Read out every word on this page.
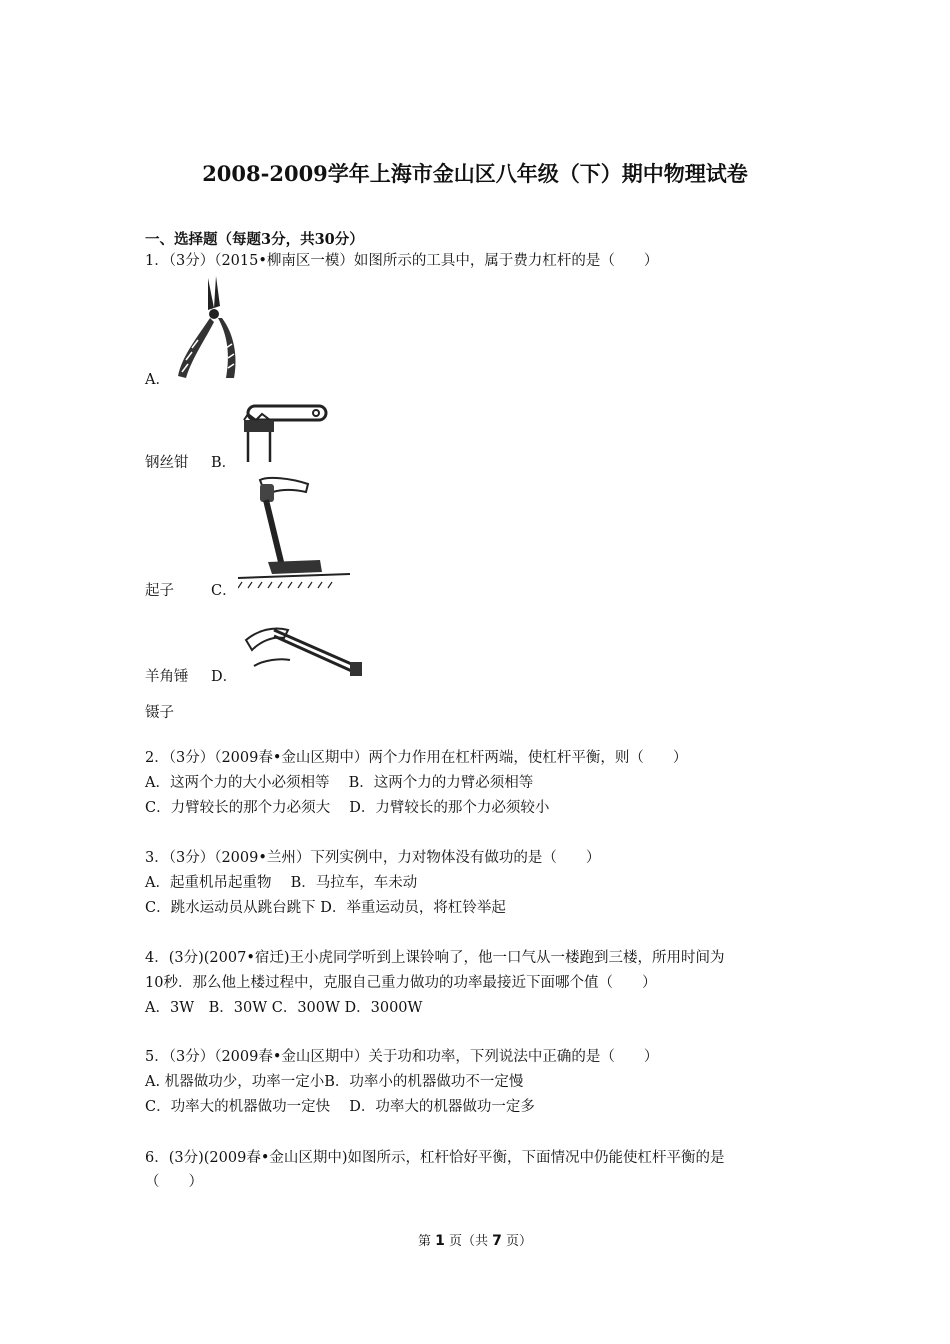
2008-2009学年上海市金山区八年级（下）期中物理试卷
一、选择题（每题3分，共30分）
1．（3分）（2015•柳南区一模）如图所示的工具中，属于费力杠杆的是（　　）
A．
钢丝钳 B．
起子	C．
羊角锤 D．
镊子
2．（3分）（2009春•金山区期中）两个力作用在杠杆两端，使杠杆平衡，则（　　）
A．这两个力的大小必须相等　 B．这两个力的力臂必须相等
C．力臂较长的那个力必须大　 D．力臂较长的那个力必须较小
3．（3分）（2009•兰州）下列实例中，力对物体没有做功的是（　　）
A．起重机吊起重物　 B．马拉车，车未动
C．跳水运动员从跳台跳下 D．举重运动员，将杠铃举起
4．(3分)(2007•宿迁)王小虎同学听到上课铃响了，他一口气从一楼跑到三楼，所用时间为
10秒．那么他上楼过程中，克服自己重力做功的功率最接近下面哪个值（　　）
A．3W　B．30W C．300W D．3000W
5．（3分）（2009春•金山区期中）关于功和功率，下列说法中正确的是（　　）
A. 机器做功少，功率一定小B．功率小的机器做功不一定慢
C．功率大的机器做功一定快　 D．功率大的机器做功一定多
6．(3分)(2009春•金山区期中)如图所示，杠杆恰好平衡，下面情况中仍能使杠杆平衡的是
（　　）
第 1 页（共 7 页）
